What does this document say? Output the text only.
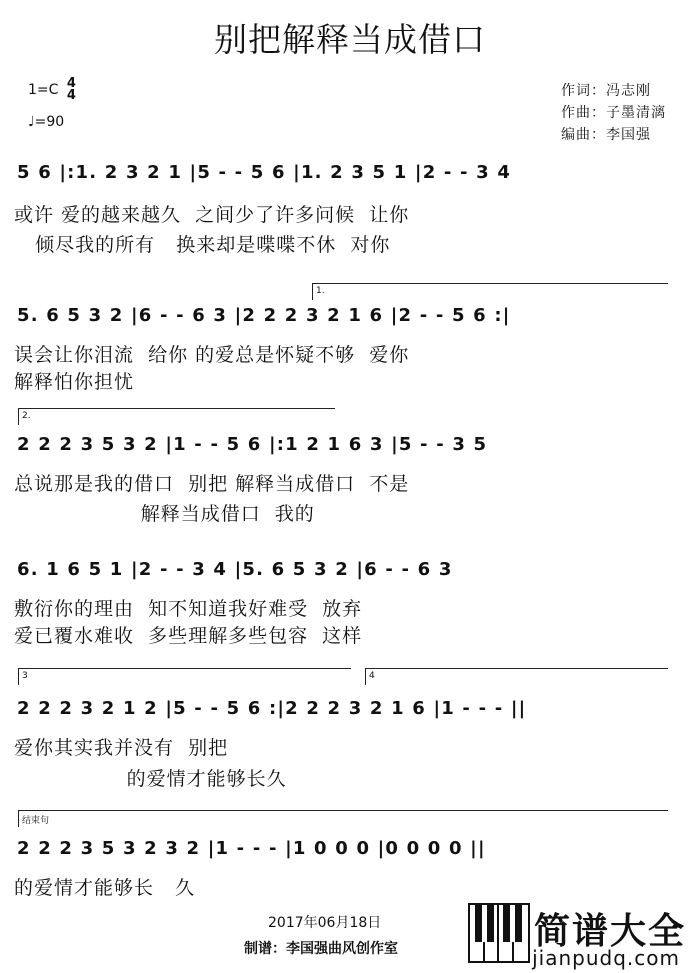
别把解释当成借口
1=C 4
4
♩=90
作词：冯志刚
作曲：子墨清漓
编曲：李国强
5 6 |:1. 2 3 2 1 |5 - - 5 6 |1. 2 3 5 1 |2 - - 3 4
或许 爱的越来越久  之间少了许多问候  让你
倾尽我的所有   换来却是喋喋不休  对你
1.
5. 6 5 3 2 |6 - - 6 3 |2 2 2 3 2 1 6 |2 - - 5 6 :|
误会让你泪流  给你 的爱总是怀疑不够  爱你
解释怕你担忧
2.
2 2 2 3 5 3 2 |1 - - 5 6 |:1 2 1 6 3 |5 - - 3 5
总说那是我的借口  别把 解释当成借口  不是
解释当成借口  我的
6. 1 6 5 1 |2 - - 3 4 |5. 6 5 3 2 |6 - - 6 3
敷衍你的理由  知不知道我好难受  放弃
爱已覆水难收  多些理解多些包容  这样
3	4
2 2 2 3 2 1 2 |5 - - 5 6 :|2 2 2 3 2 1 6 |1 - - - ||
爱你其实我并没有  别把
的爱情才能够长久
结束句
2 2 2 3 5 3 2 3 2 |1 - - - |1 0 0 0 |0 0 0 0 ||
的爱情才能够长   久
2017年06月18日
制谱：李国强曲风创作室	简谱大全
jianpudq.com
